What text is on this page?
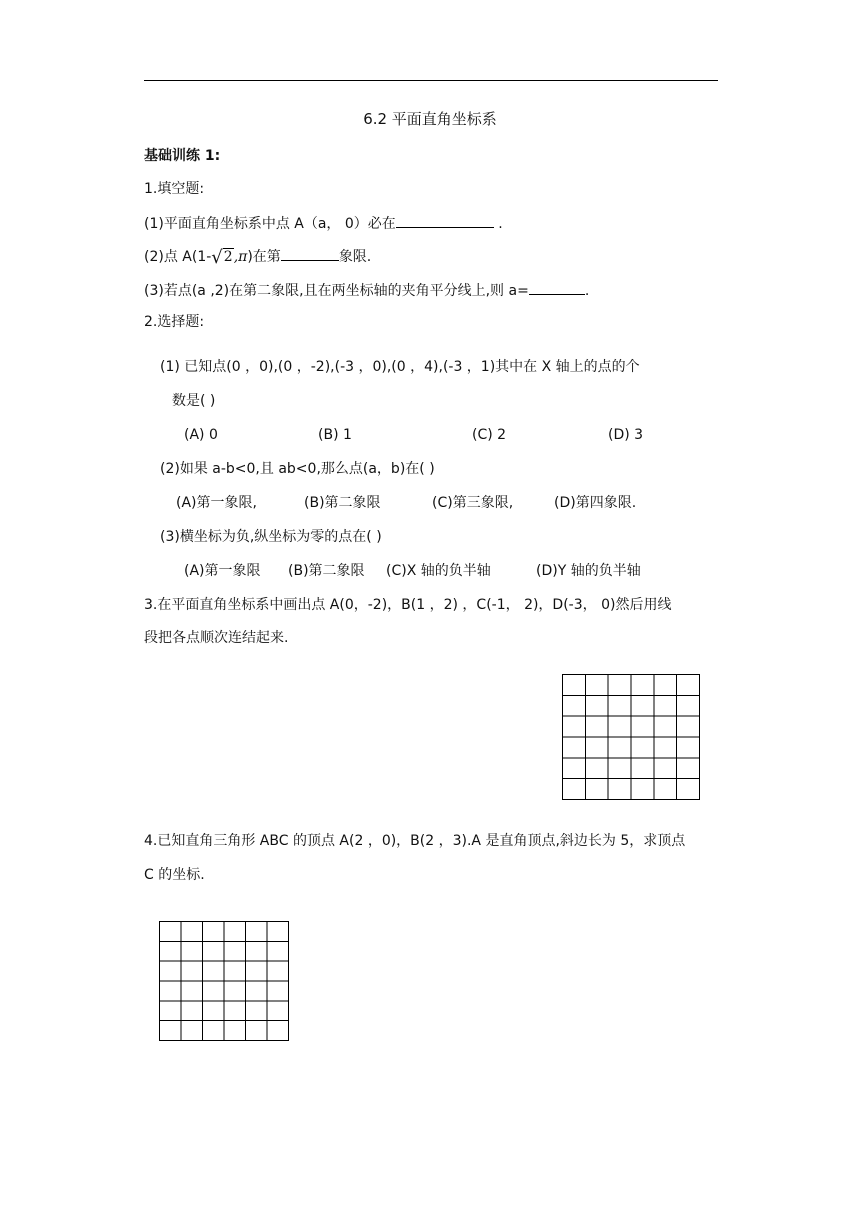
6.2 平面直角坐标系
基础训练 1:
1.填空题:
(1)平面直角坐标系中点 A（a， 0）必在	.
(2)点 A(1-√2,π)在第	象限.
(3)若点(a ,2)在第二象限,且在两坐标轴的夹角平分线上,则 a=	.
2.选择题:
(1) 已知点(0 ，0),(0 ，-2),(-3 ，0),(0 ，4),(-3 ，1)其中在 X 轴上的点的个
数是( )
(A) 0	(B) 1	(C) 2	(D) 3
(2)如果 a-b<0,且 ab<0,那么点(a，b)在( )
(A)第一象限,	(B)第二象限	(C)第三象限,	(D)第四象限.
(3)横坐标为负,纵坐标为零的点在( )
(A)第一象限 (B)第二象限 (C)X 轴的负半轴	(D)Y 轴的负半轴
3.在平面直角坐标系中画出点 A(0，-2)，B(1 ，2) ，C(-1， 2)，D(-3， 0)然后用线
段把各点顺次连结起来.
4.已知直角三角形 ABC 的顶点 A(2 ，0)，B(2 ，3).A 是直角顶点,斜边长为 5，求顶点
C 的坐标.
